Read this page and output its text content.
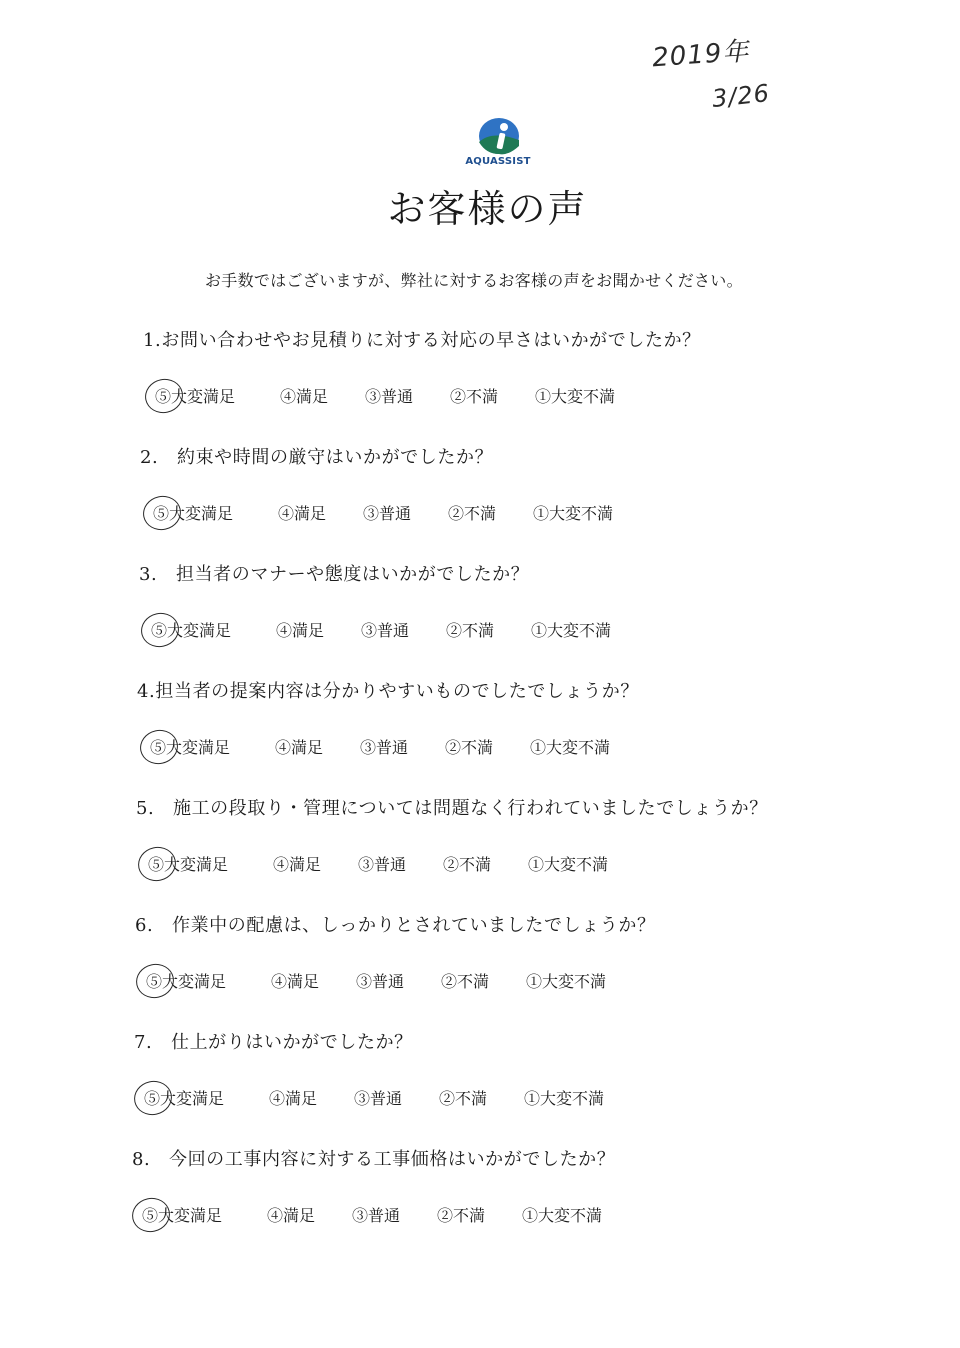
2019年
3/26
AQUASSIST
お客様の声
お手数ではございますが、弊社に対するお客様の声をお聞かせください。
1.お問い合わせやお見積りに対する対応の早さはいかがでしたか？
⑤大変満足	④満足 ③普通 ②不満 ①大変不満
2.　約束や時間の厳守はいかがでしたか？
⑤大変満足	④満足 ③普通 ②不満 ①大変不満
3.　担当者のマナーや態度はいかがでしたか？
⑤大変満足	④満足 ③普通 ②不満 ①大変不満
4.担当者の提案内容は分かりやすいものでしたでしょうか？
⑤大変満足	④満足 ③普通 ②不満 ①大変不満
5.　施工の段取り・管理については問題なく行われていましたでしょうか？
⑤大変満足	④満足 ③普通 ②不満 ①大変不満
6.　作業中の配慮は、しっかりとされていましたでしょうか？
⑤大変満足	④満足 ③普通 ②不満 ①大変不満
7.　仕上がりはいかがでしたか？
⑤大変満足	④満足 ③普通 ②不満 ①大変不満
8.　今回の工事内容に対する工事価格はいかがでしたか？
⑤大変満足	④満足 ③普通 ②不満 ①大変不満
